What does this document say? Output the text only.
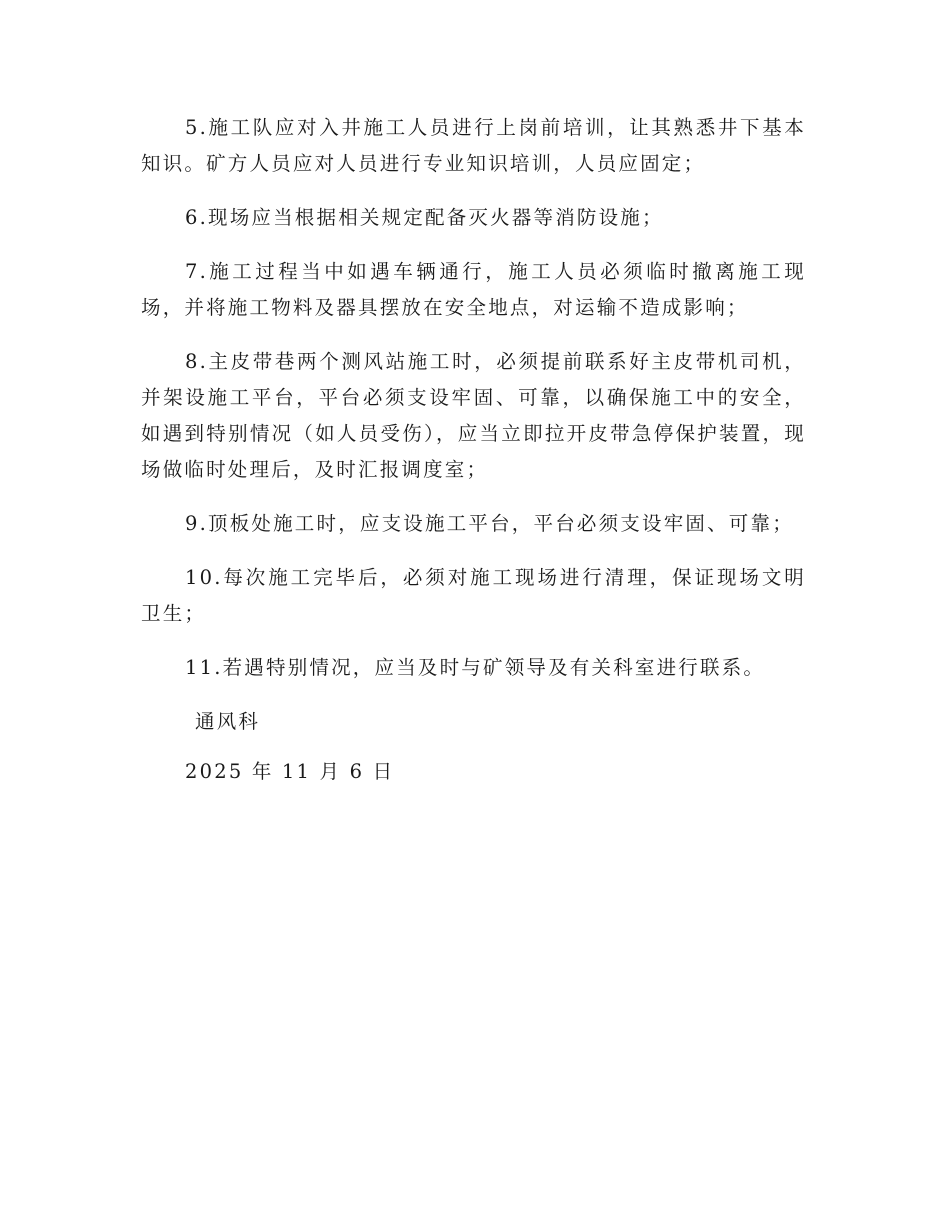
5.施工队应对入井施工人员进行上岗前培训，让其熟悉井下基本知识。矿方人员应对人员进行专业知识培训，人员应固定；

6.现场应当根据相关规定配备灭火器等消防设施；

7.施工过程当中如遇车辆通行，施工人员必须临时撤离施工现场，并将施工物料及器具摆放在安全地点，对运输不造成影响；

8.主皮带巷两个测风站施工时，必须提前联系好主皮带机司机，并架设施工平台，平台必须支设牢固、可靠，以确保施工中的安全，如遇到特别情况（如人员受伤），应当立即拉开皮带急停保护装置，现场做临时处理后，及时汇报调度室；

9.顶板处施工时，应支设施工平台，平台必须支设牢固、可靠；

10.每次施工完毕后，必须对施工现场进行清理，保证现场文明卫生；

11.若遇特别情况，应当及时与矿领导及有关科室进行联系。

通风科
2025 年 11 月 6 日
